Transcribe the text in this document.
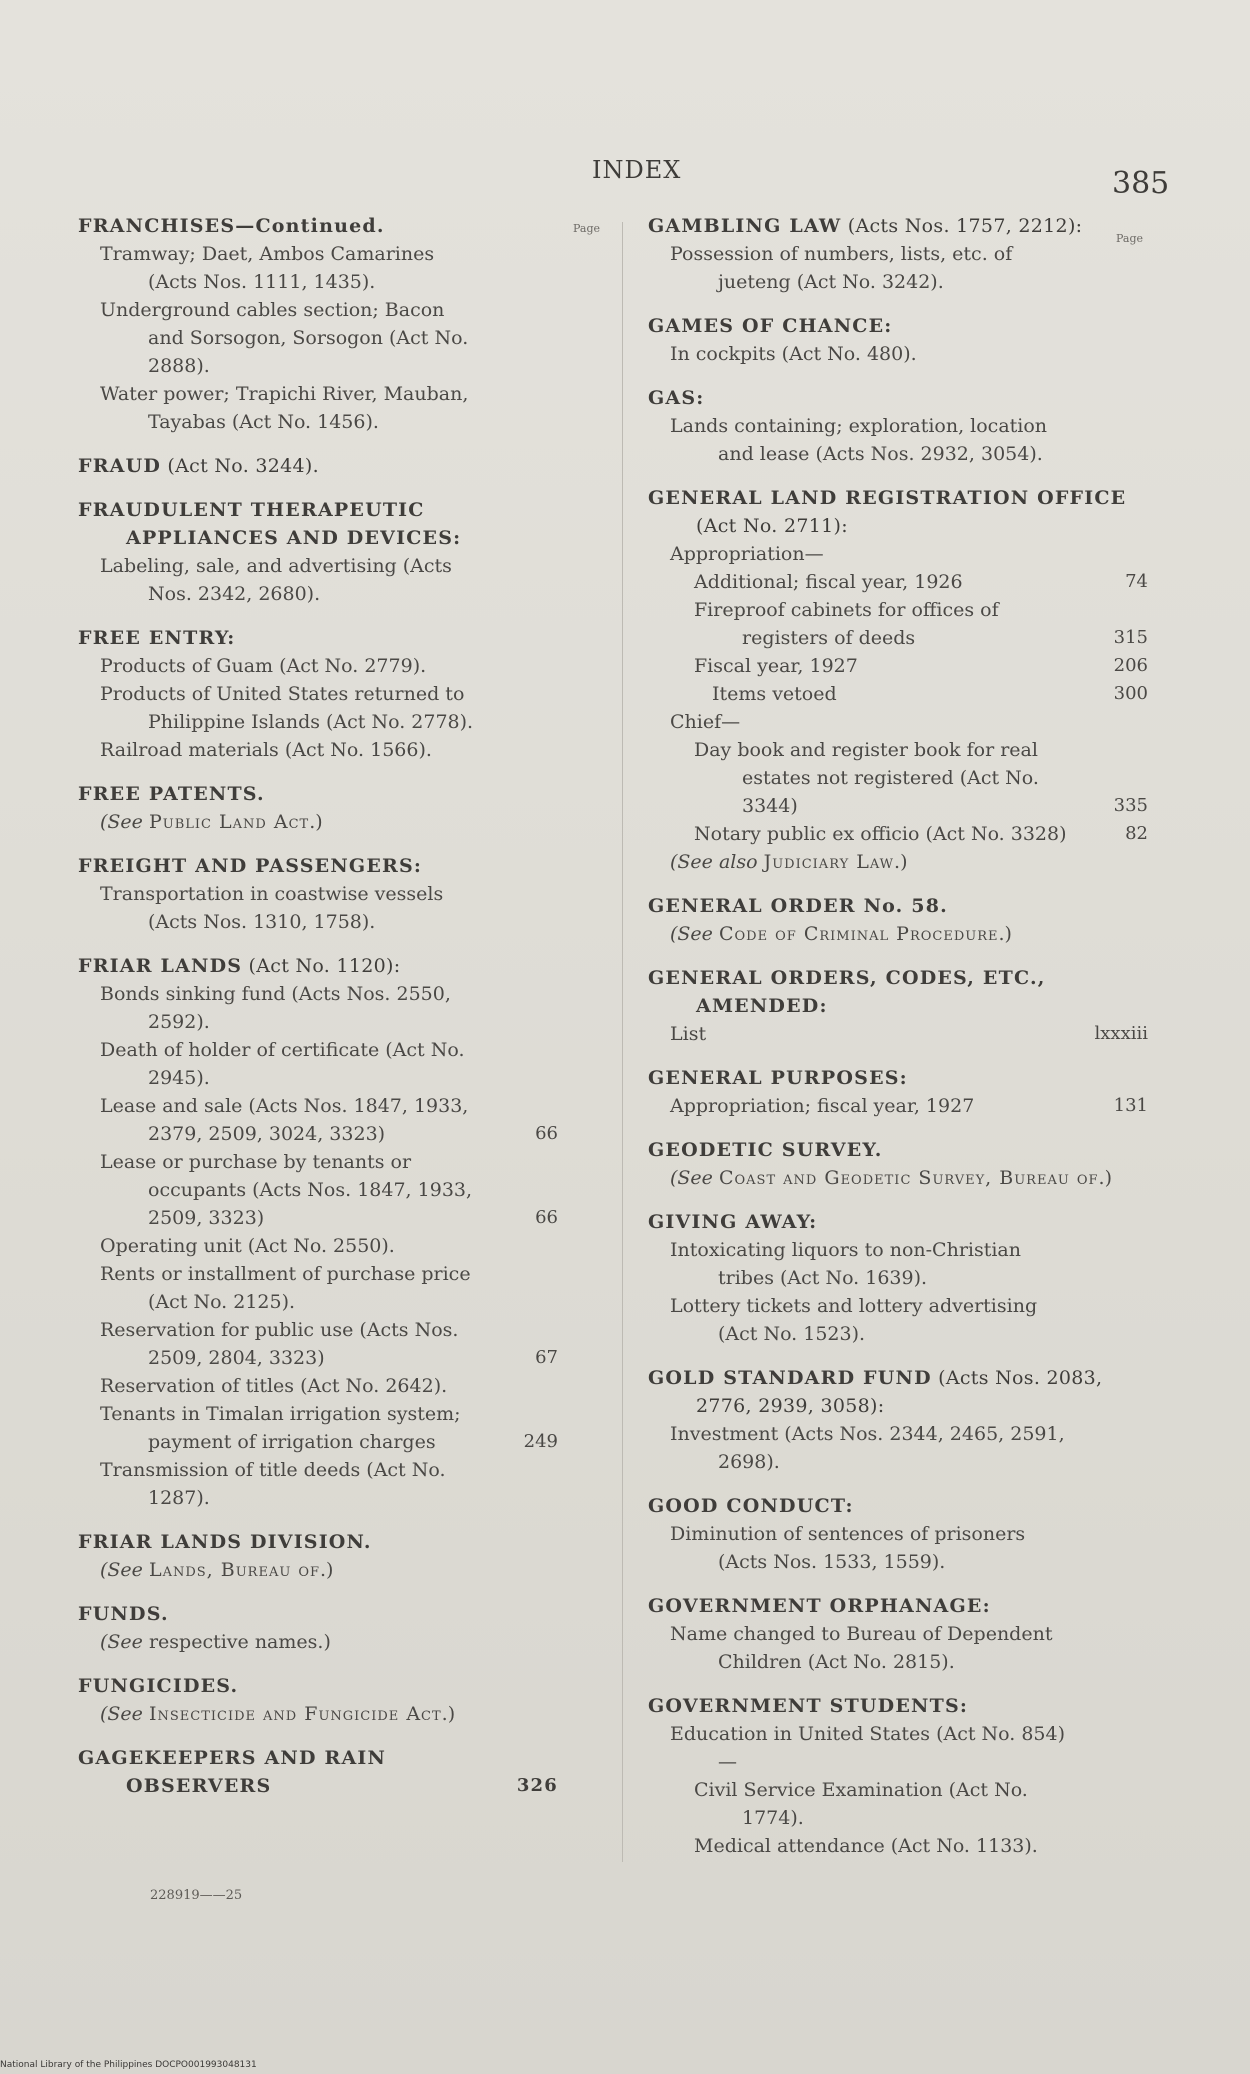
INDEX	385
Page
Page
FRANCHISES—Continued.
Tramway; Daet, Ambos Camarines (Acts Nos. 1111, 1435).
Underground cables section; Bacon and Sorsogon, Sorsogon (Act No. 2888).
Water power; Trapichi River, Mauban, Tayabas (Act No. 1456).
FRAUD (Act No. 3244).
FRAUDULENT THERAPEUTIC APPLIANCES AND DEVICES:
Labeling, sale, and advertising (Acts Nos. 2342, 2680).
FREE ENTRY:
Products of Guam (Act No. 2779).
Products of United States returned to Philippine Islands (Act No. 2778).
Railroad materials (Act No. 1566).
FREE PATENTS.
(See Public Land Act.)
FREIGHT AND PASSENGERS:
Transportation in coastwise vessels (Acts Nos. 1310, 1758).
FRIAR LANDS (Act No. 1120):
Bonds sinking fund (Acts Nos. 2550, 2592).
Death of holder of certificate (Act No. 2945).
Lease and sale (Acts Nos. 1847, 1933, 2379, 2509, 3024, 3323)	66
Lease or purchase by tenants or occupants (Acts Nos. 1847, 1933, 2509, 3323)	66
Operating unit (Act No. 2550).
Rents or installment of purchase price (Act No. 2125).
Reservation for public use (Acts Nos. 2509, 2804, 3323)	67
Reservation of titles (Act No. 2642).
Tenants in Timalan irrigation system; payment of irrigation charges	249
Transmission of title deeds (Act No. 1287).
FRIAR LANDS DIVISION.
(See Lands, Bureau of.)
FUNDS.
(See respective names.)
FUNGICIDES.
(See Insecticide and Fungicide Act.)
GAGEKEEPERS AND RAIN OBSERVERS	326
GAMBLING LAW (Acts Nos. 1757, 2212):
Possession of numbers, lists, etc. of jueteng (Act No. 3242).
GAMES OF CHANCE:
In cockpits (Act No. 480).
GAS:
Lands containing; exploration, location and lease (Acts Nos. 2932, 3054).
GENERAL LAND REGISTRATION OFFICE (Act No. 2711):
Appropriation—
Additional; fiscal year, 1926	74
Fireproof cabinets for offices of registers of deeds	315
Fiscal year, 1927	206
Items vetoed	300
Chief—
Day book and register book for real estates not registered (Act No. 3344)	335
Notary public ex officio (Act No. 3328)	82
(See also Judiciary Law.)
GENERAL ORDER No. 58.
(See Code of Criminal Procedure.)
GENERAL ORDERS, CODES, ETC., AMENDED:
List	lxxxiii
GENERAL PURPOSES:
Appropriation; fiscal year, 1927	131
GEODETIC SURVEY.
(See Coast and Geodetic Survey, Bureau of.)
GIVING AWAY:
Intoxicating liquors to non-Christian tribes (Act No. 1639).
Lottery tickets and lottery advertising (Act No. 1523).
GOLD STANDARD FUND (Acts Nos. 2083, 2776, 2939, 3058):
Investment (Acts Nos. 2344, 2465, 2591, 2698).
GOOD CONDUCT:
Diminution of sentences of prisoners (Acts Nos. 1533, 1559).
GOVERNMENT ORPHANAGE:
Name changed to Bureau of Dependent Children (Act No. 2815).
GOVERNMENT STUDENTS:
Education in United States (Act No. 854)—
Civil Service Examination (Act No. 1774).
Medical attendance (Act No. 1133).
228919——25
National Library of the Philippines DOCPO001993048131
